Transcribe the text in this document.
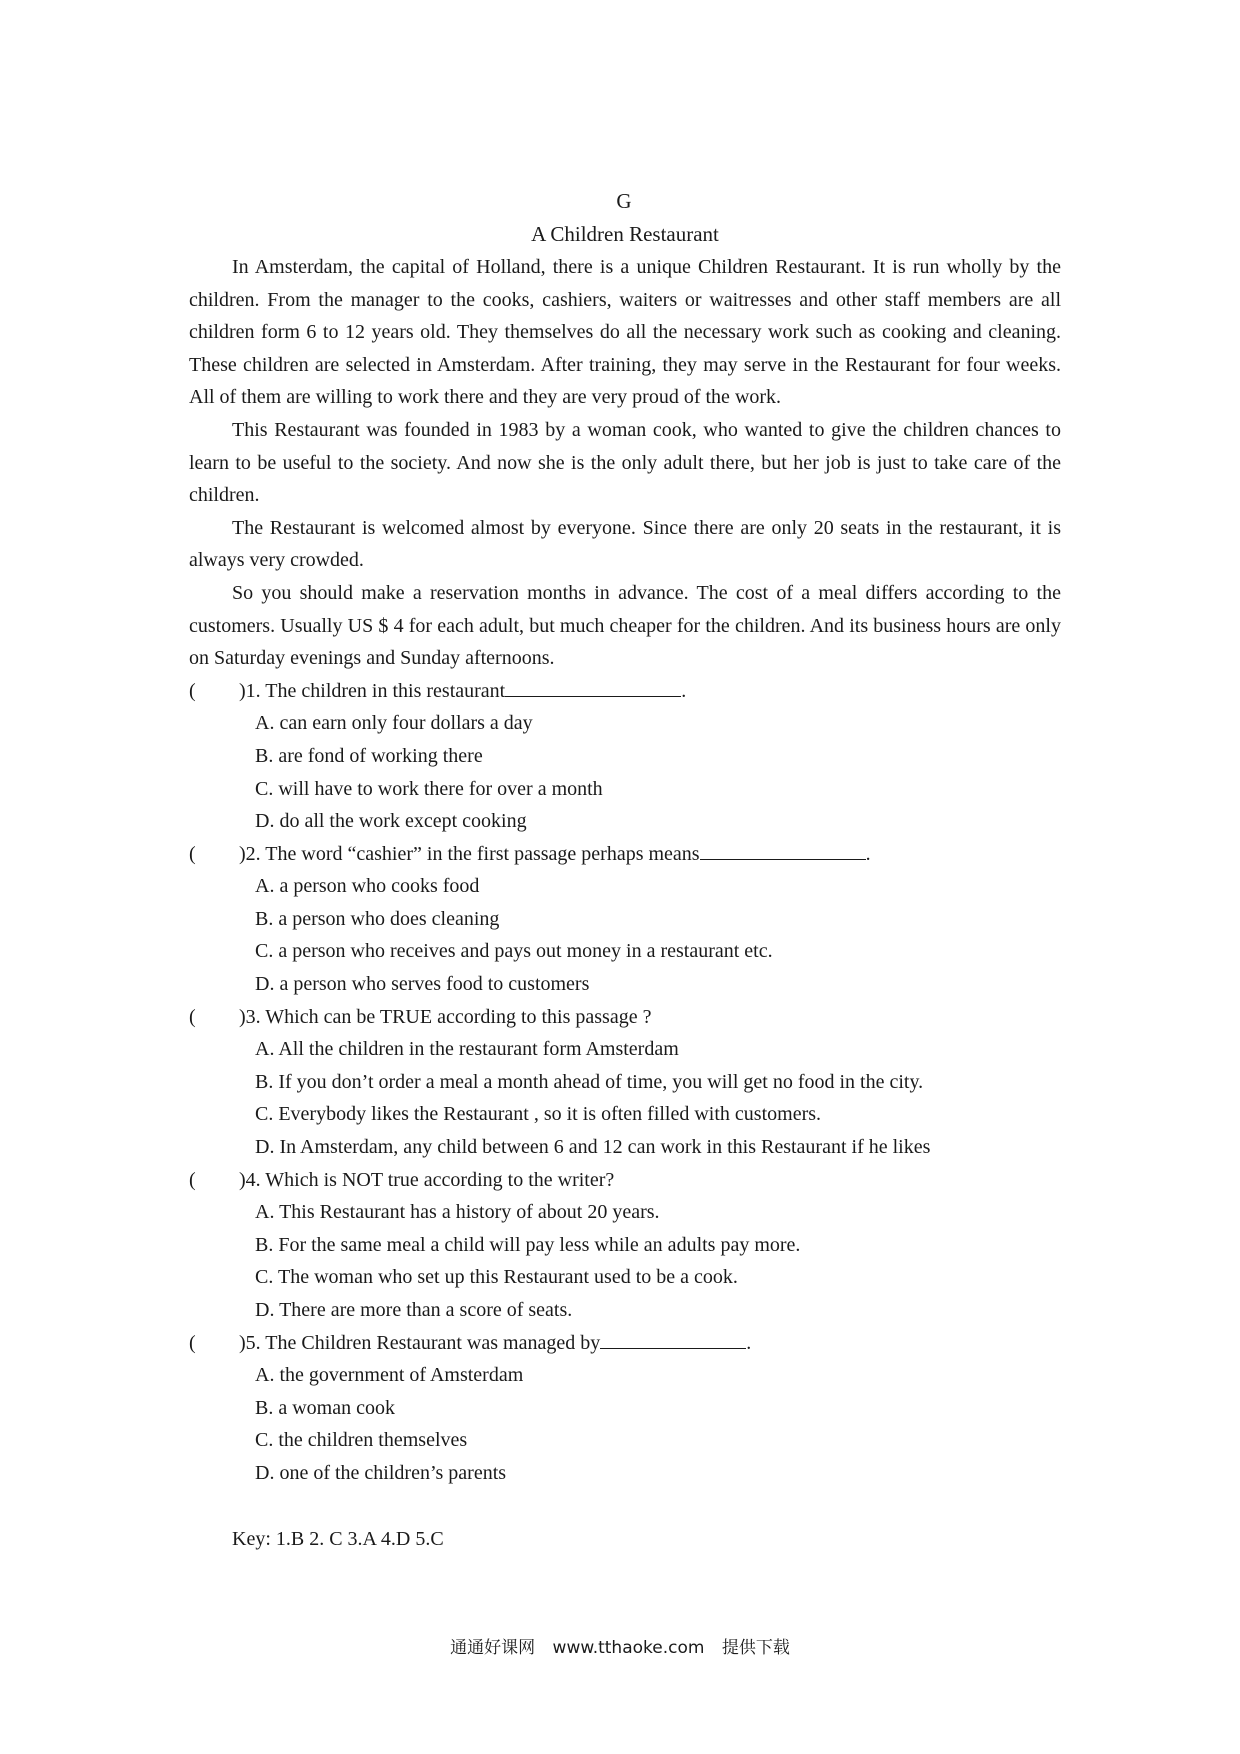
G
A Children Restaurant

In Amsterdam, the capital of Holland, there is a unique Children Restaurant. It is run wholly by the children. From the manager to the cooks, cashiers, waiters or waitresses and other staff members are all children form 6 to 12 years old. They themselves do all the necessary work such as cooking and cleaning. These children are selected in Amsterdam. After training, they may serve in the Restaurant for four weeks. All of them are willing to work there and they are very proud of the work.

This Restaurant was founded in 1983 by a woman cook, who wanted to give the children chances to learn to be useful to the society. And now she is the only adult there, but her job is just to take care of the children.

The Restaurant is welcomed almost by everyone. Since there are only 20 seats in the restaurant, it is always very crowded.

So you should make a reservation months in advance. The cost of a meal differs according to the customers. Usually US $ 4 for each adult, but much cheaper for the children. And its business hours are only on Saturday evenings and Sunday afternoons.

( )1. The children in this restaurant	.
A. can earn only four dollars a day
B. are fond of working there
C. will have to work there for over a month
D. do all the work except cooking
( )2. The word “cashier” in the first passage perhaps means	.
A. a person who cooks food
B. a person who does cleaning
C. a person who receives and pays out money in a restaurant etc.
D. a person who serves food to customers
( )3. Which can be TRUE according to this passage ?
A. All the children in the restaurant form Amsterdam
B. If you don’t order a meal a month ahead of time, you will get no food in the city.
C. Everybody likes the Restaurant , so it is often filled with customers.
D. In Amsterdam, any child between 6 and 12 can work in this Restaurant if he likes
( )4. Which is NOT true according to the writer?
A. This Restaurant has a history of about 20 years.
B. For the same meal a child will pay less while an adults pay more.
C. The woman who set up this Restaurant used to be a cook.
D. There are more than a score of seats.
( )5. The Children Restaurant was managed by	.
A. the government of Amsterdam
B. a woman cook
C. the children themselves
D. one of the children’s parents
Key: 1.B 2. C 3.A 4.D 5.C
通通好课网 www.tthaoke.com 提供下载
